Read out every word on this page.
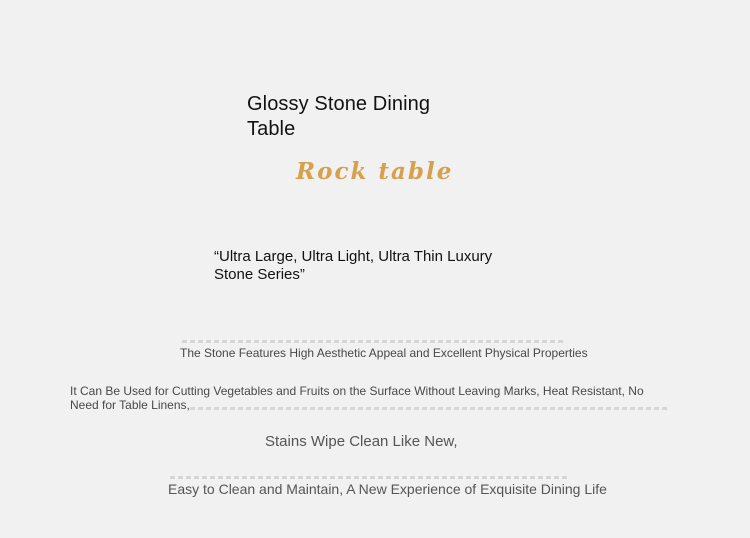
Glossy Stone Dining Table
Rock table
“Ultra Large, Ultra Light, Ultra Thin Luxury Stone Series”
The Stone Features High Aesthetic Appeal and Excellent Physical Properties
It Can Be Used for Cutting Vegetables and Fruits on the Surface Without Leaving Marks, Heat Resistant, No Need for Table Linens,
Stains Wipe Clean Like New,
Easy to Clean and Maintain, A New Experience of Exquisite Dining Life
